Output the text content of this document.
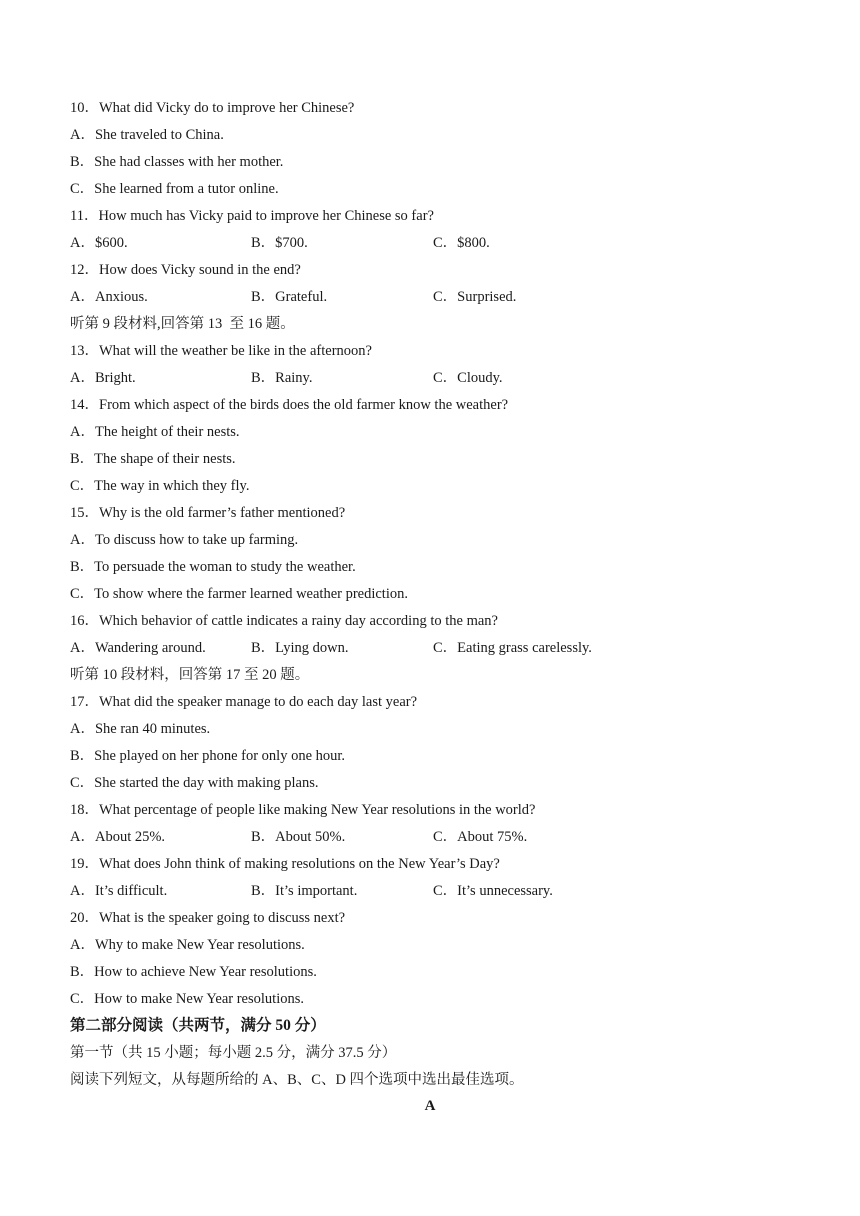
10．What did Vicky do to improve her Chinese?
A．She traveled to China.
B．She had classes with her mother.
C．She learned from a tutor online.
11．How much has Vicky paid to improve her Chinese so far?
A．$600.	B．$700.	C．$800.
12．How does Vicky sound in the end?
A．Anxious.	B．Grateful.	C．Surprised.
听第 9 段材料,回答第 13  至 16 题。
13．What will the weather be like in the afternoon?
A．Bright.	B．Rainy.	C．Cloudy.
14．From which aspect of the birds does the old farmer know the weather?
A．The height of their nests.
B．The shape of their nests.
C．The way in which they fly.
15．Why is the old farmer’s father mentioned?
A．To discuss how to take up farming.
B．To persuade the woman to study the weather.
C．To show where the farmer learned weather prediction.
16．Which behavior of cattle indicates a rainy day according to the man?
A．Wandering around.	B．Lying down.	C．Eating grass carelessly.
听第 10 段材料，回答第 17 至 20 题。
17．What did the speaker manage to do each day last year?
A．She ran 40 minutes.
B．She played on her phone for only one hour.
C．She started the day with making plans.
18．What percentage of people like making New Year resolutions in the world?
A．About 25%.	B．About 50%.	C．About 75%.
19．What does John think of making resolutions on the New Year’s Day?
A．It’s difficult.	B．It’s important.	C．It’s unnecessary.
20．What is the speaker going to discuss next?
A．Why to make New Year resolutions.
B．How to achieve New Year resolutions.
C．How to make New Year resolutions.
第二部分阅读（共两节，满分 50 分）
第一节（共 15 小题；每小题 2.5 分，满分 37.5 分）
阅读下列短文，从每题所给的 A、B、C、D 四个选项中选出最佳选项。
A
